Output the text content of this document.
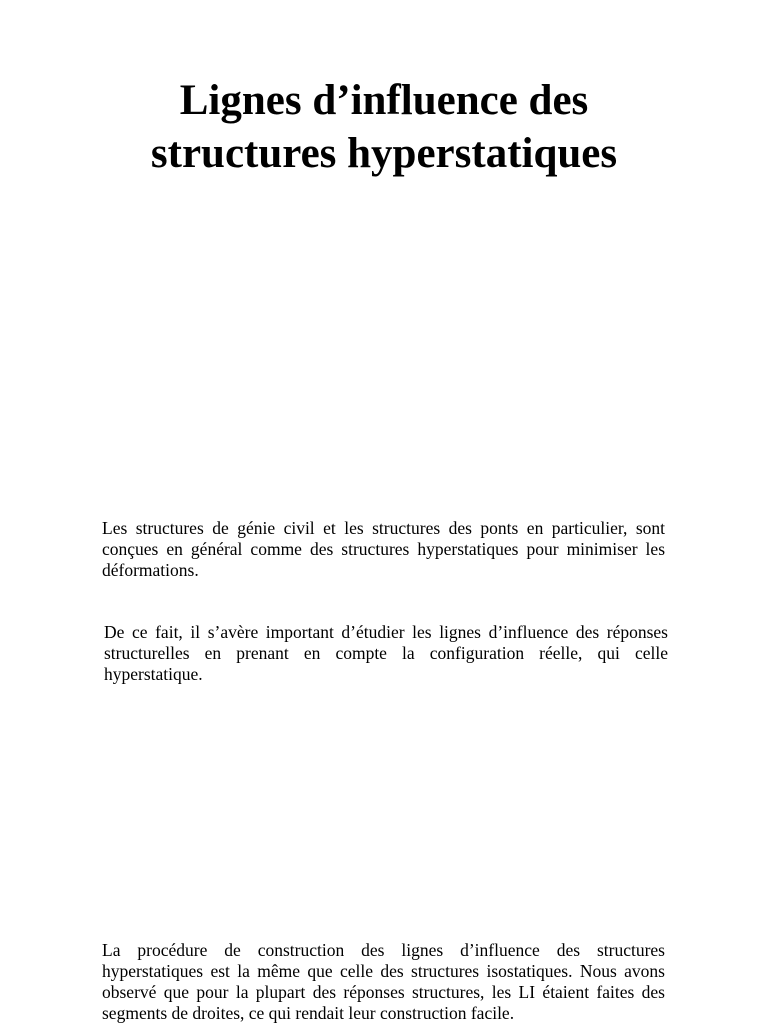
Lignes d’influence des
structures hyperstatiques

Les structures de génie civil et les structures des ponts en particulier, sont conçues en général comme des structures hyperstatiques pour minimiser les déformations.

De ce fait, il s’avère important d’étudier les lignes d’influence des réponses structurelles en prenant en compte la configuration réelle, qui celle hyperstatique.

La procédure de construction des lignes d’influence des structures hyperstatiques est la même que celle des structures isostatiques. Nous avons observé que pour la plupart des réponses structures, les LI étaient faites des segments de droites, ce qui rendait leur construction facile.
